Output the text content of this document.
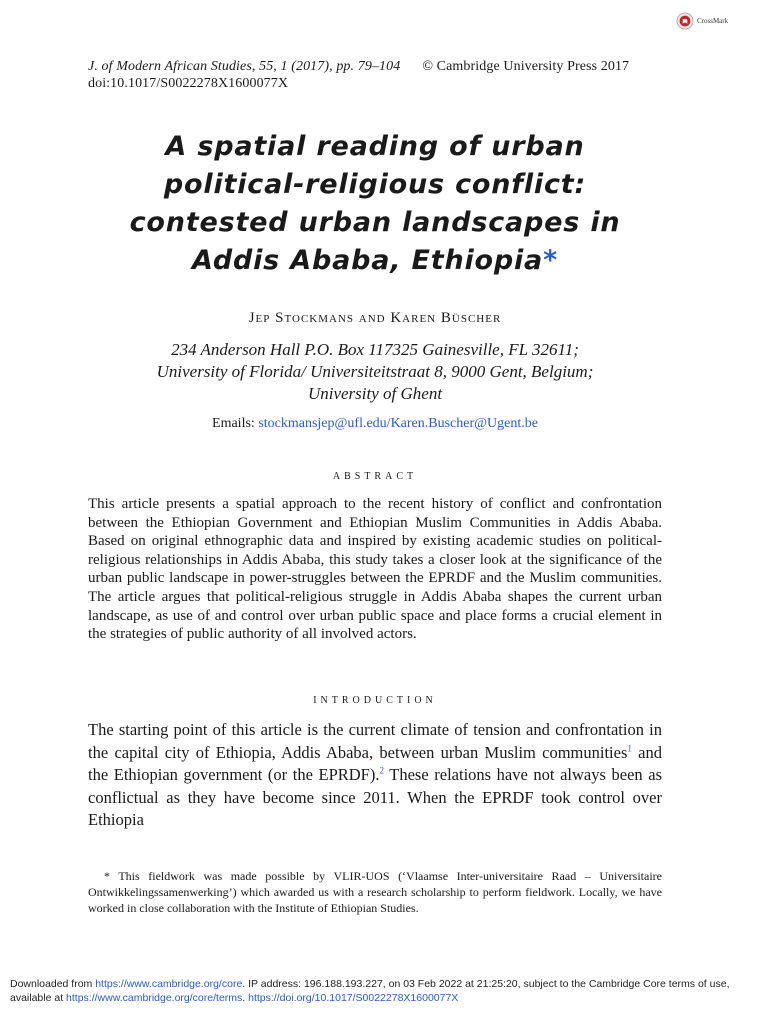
CrossMark
J. of Modern African Studies, 55, 1 (2017), pp. 79–104 © Cambridge University Press 2017
doi:10.1017/S0022278X1600077X
A spatial reading of urban
political-religious conflict:
contested urban landscapes in
Addis Ababa, Ethiopia*
Jep Stockmans and Karen Büscher
234 Anderson Hall P.O. Box 117325 Gainesville, FL 32611;
University of Florida/ Universiteitstraat 8, 9000 Gent, Belgium;
University of Ghent
Emails: stockmansjep@ufl.edu/Karen.Buscher@Ugent.be
ABSTRACT
This article presents a spatial approach to the recent history of conflict and confrontation between the Ethiopian Government and Ethiopian Muslim Communities in Addis Ababa. Based on original ethnographic data and inspired by existing academic studies on political-religious relationships in Addis Ababa, this study takes a closer look at the significance of the urban public landscape in power-struggles between the EPRDF and the Muslim communities. The article argues that political-religious struggle in Addis Ababa shapes the current urban landscape, as use of and control over urban public space and place forms a crucial element in the strategies of public authority of all involved actors.
INTRODUCTION
The starting point of this article is the current climate of tension and confrontation in the capital city of Ethiopia, Addis Ababa, between urban Muslim communities$^1$ and the Ethiopian government (or the EPRDF).$^2$ These relations have not always been as conflictual as they have become since 2011. When the EPRDF took control over Ethiopia
* This fieldwork was made possible by VLIR-UOS (‘Vlaamse Inter-universitaire Raad – Universitaire Ontwikkelingssamenwerking’) which awarded us with a research scholarship to perform fieldwork. Locally, we have worked in close collaboration with the Institute of Ethiopian Studies.
Downloaded from https://www.cambridge.org/core. IP address: 196.188.193.227, on 03 Feb 2022 at 21:25:20, subject to the Cambridge Core terms of use, available at https://www.cambridge.org/core/terms. https://doi.org/10.1017/S0022278X1600077X
